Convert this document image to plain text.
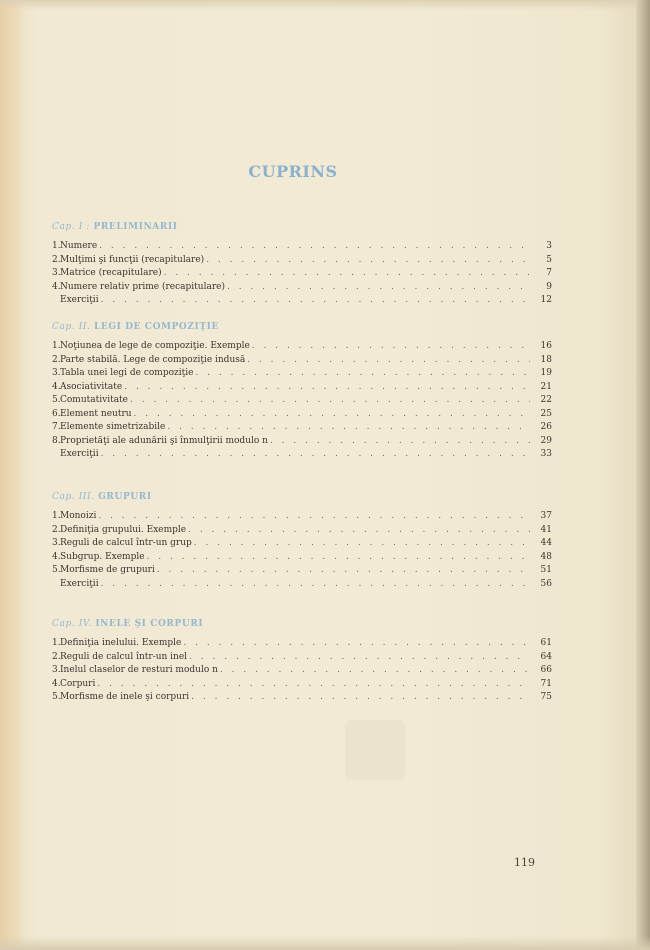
CUPRINS
Cap. I : PRELIMINARII
1. Numere . . .	3
2. Mulţimi şi funcţii (recapitulare) . . .	5
3. Matrice (recapitulare) . . .	7
4. Numere relativ prime (recapitulare) . . .	9
Exerciţii . . .	12
Cap. II. LEGI DE COMPOZIŢIE
1. Noţiunea de lege de compoziţie. Exemple . . .	16
2. Parte stabilă. Lege de compoziţie indusă . . .	18
3. Tabla unei legi de compoziţie . . .	19
4. Asociativitate . . .	21
5. Comutativitate . . .	22
6. Element neutru . . .	25
7. Elemente simetrizabile . . .	26
8. Proprietăţi ale adunării şi înmulţirii modulo n . . .	29
Exerciţii . . .	33
Cap. III. GRUPURI
1. Monoizi . . .	37
2. Definiţia grupului. Exemple . . .	41
3. Reguli de calcul într-un grup . . .	44
4. Subgrup. Exemple . . .	48
5. Morfisme de grupuri . . .	51
Exerciţii . . .	56
Cap. IV. INELE ŞI CORPURI
1. Definiţia inelului. Exemple . . .	61
2. Reguli de calcul într-un inel . . .	64
3. Inelul claselor de resturi modulo n . . .	66
4. Corpuri . . .	71
5. Morfisme de inele şi corpuri . . .	75
119
